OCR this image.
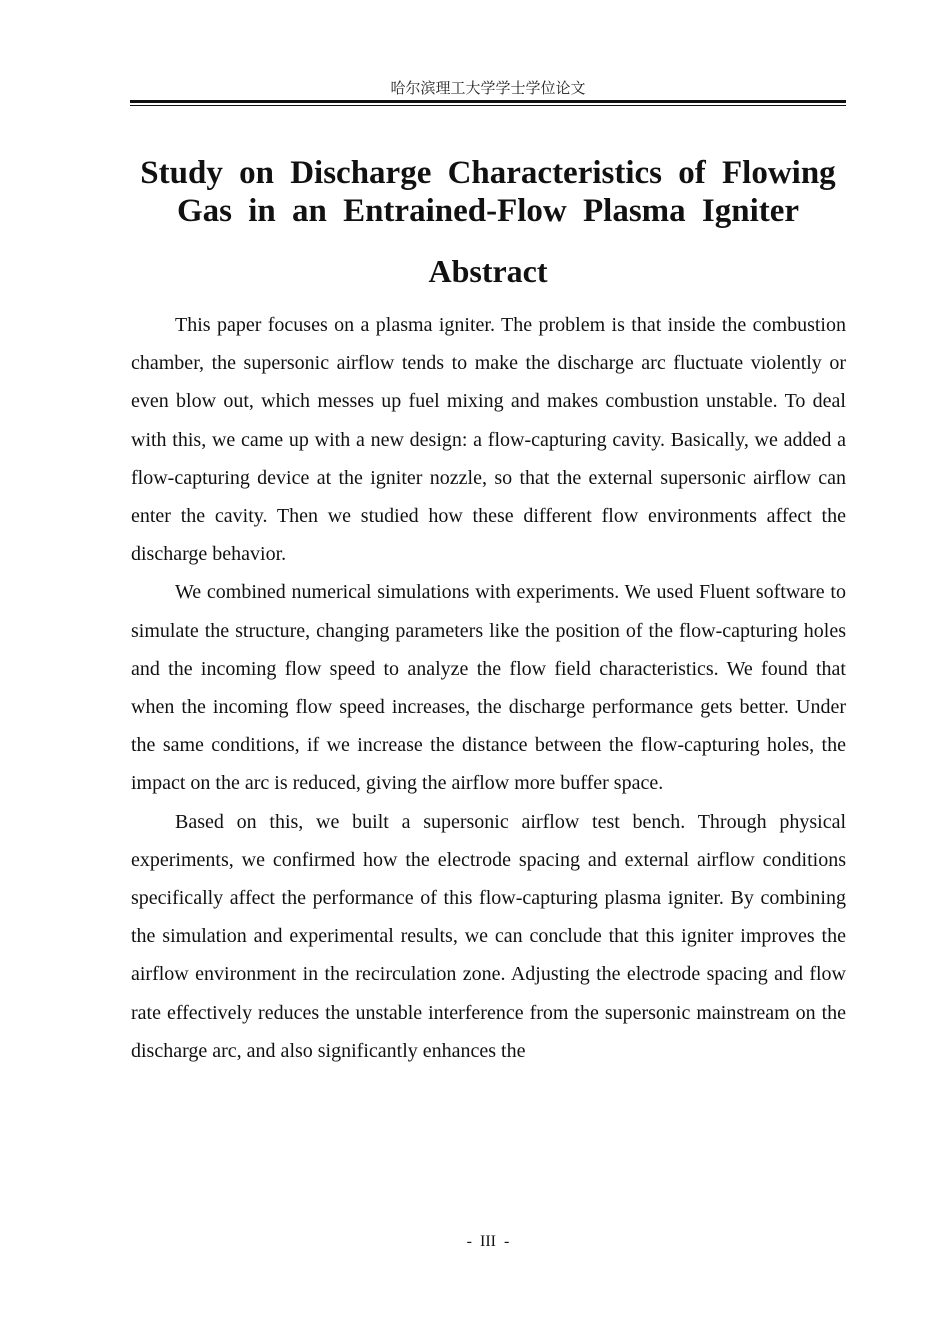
哈尔滨理工大学学士学位论文
Study on Discharge Characteristics of Flowing
Gas in an Entrained-Flow Plasma Igniter
Abstract

This paper focuses on a plasma igniter. The problem is that inside the combustion chamber, the supersonic airflow tends to make the discharge arc fluctuate violently or even blow out, which messes up fuel mixing and makes combustion unstable. To deal with this, we came up with a new design: a flow-capturing cavity. Basically, we added a flow-capturing device at the igniter nozzle, so that the external supersonic airflow can enter the cavity. Then we studied how these different flow environments affect the discharge behavior.

We combined numerical simulations with experiments. We used Fluent software to simulate the structure, changing parameters like the position of the flow-capturing holes and the incoming flow speed to analyze the flow field characteristics. We found that when the incoming flow speed increases, the discharge performance gets better. Under the same conditions, if we increase the distance between the flow-capturing holes, the impact on the arc is reduced, giving the airflow more buffer space.

Based on this, we built a supersonic airflow test bench. Through physical experiments, we confirmed how the electrode spacing and external airflow conditions specifically affect the performance of this flow-capturing plasma igniter. By combining the simulation and experimental results, we can conclude that this igniter improves the airflow environment in the recirculation zone. Adjusting the electrode spacing and flow rate effectively reduces the unstable interference from the supersonic mainstream on the discharge arc, and also significantly enhances the

- III -
